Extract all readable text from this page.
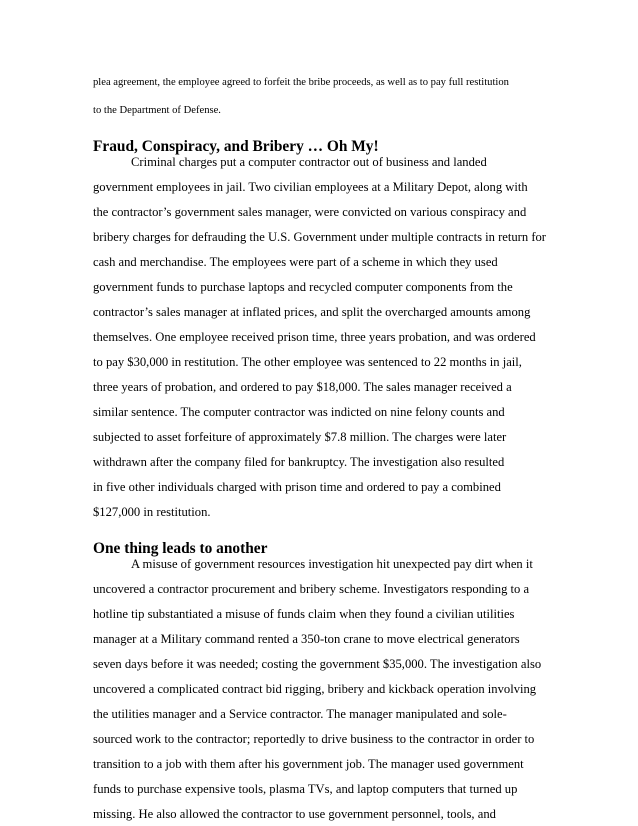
plea agreement, the employee agreed to forfeit the bribe proceeds, as well as to pay full restitution
to the Department of Defense.
Fraud, Conspiracy, and Bribery … Oh My!
Criminal charges put a computer contractor out of business and landed
government employees in jail. Two civilian employees at a Military Depot, along with
the contractor’s government sales manager, were convicted on various conspiracy and
bribery charges for defrauding the U.S. Government under multiple contracts in return for
cash and merchandise. The employees were part of a scheme in which they used
government funds to purchase laptops and recycled computer components from the
contractor’s sales manager at inflated prices, and split the overcharged amounts among
themselves. One employee received prison time, three years probation, and was ordered
to pay $30,000 in restitution. The other employee was sentenced to 22 months in jail,
three years of probation, and ordered to pay $18,000. The sales manager received a
similar sentence. The computer contractor was indicted on nine felony counts and
subjected to asset forfeiture of approximately $7.8 million. The charges were later
withdrawn after the company filed for bankruptcy. The investigation also resulted
in five other individuals charged with prison time and ordered to pay a combined
$127,000 in restitution.
One thing leads to another
A misuse of government resources investigation hit unexpected pay dirt when it
uncovered a contractor procurement and bribery scheme. Investigators responding to a
hotline tip substantiated a misuse of funds claim when they found a civilian utilities
manager at a Military command rented a 350-ton crane to move electrical generators
seven days before it was needed; costing the government $35,000. The investigation also
uncovered a complicated contract bid rigging, bribery and kickback operation involving
the utilities manager and a Service contractor. The manager manipulated and sole-
sourced work to the contractor; reportedly to drive business to the contractor in order to
transition to a job with them after his government job. The manager used government
funds to purchase expensive tools, plasma TVs, and laptop computers that turned up
missing. He also allowed the contractor to use government personnel, tools, and
